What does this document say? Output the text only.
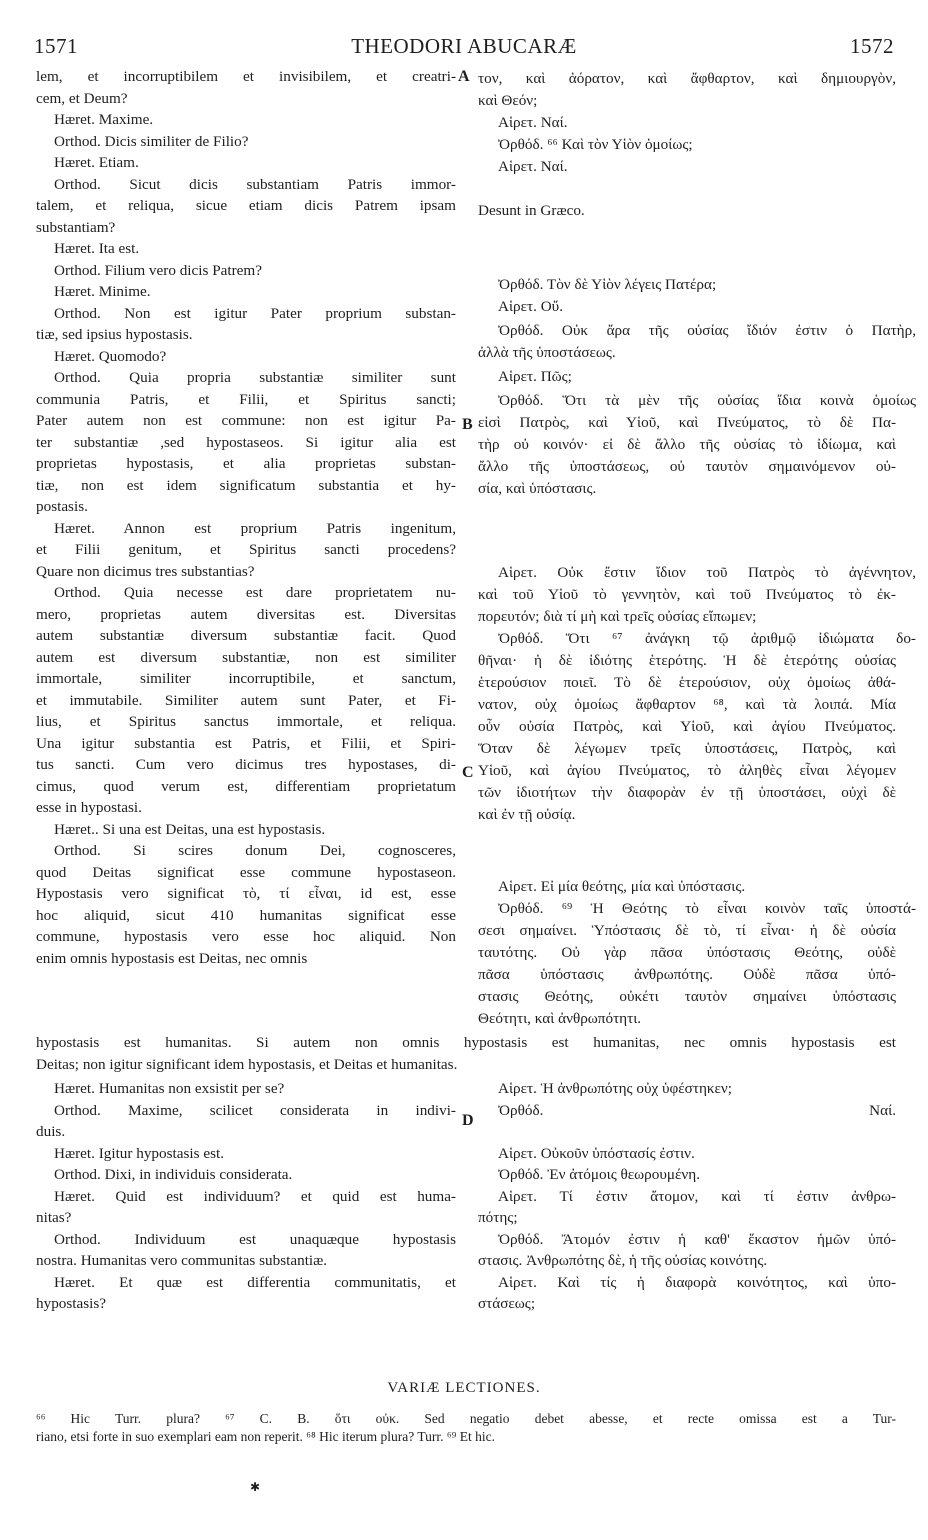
1571	THEODORI ABUCARÆ	1572
lem, et incorruptibilem et invisibilem, et creatri-
cem, et Deum?
Hæret. Maxime.
Orthod. Dicis similiter de Filio?
Hæret. Etiam.
Orthod. Sicut dicis substantiam Patris immor-
talem, et reliqua, sicue etiam dicis Patrem ipsam
substantiam?
Hæret. Ita est.
Orthod. Filium vero dicis Patrem?
Hæret. Minime.
Orthod. Non est igitur Pater proprium substan-
tiæ, sed ipsius hypostasis.
Hæret. Quomodo?
Orthod. Quia propria substantiæ similiter sunt
communia Patris, et Filii, et Spiritus sancti;
Pater autem non est commune: non est igitur Pa-
ter substantiæ ,sed hypostaseos. Si igitur alia est
proprietas hypostasis, et alia proprietas substan-
tiæ, non est idem significatum substantia et hy-
postasis.
Hæret. Annon est proprium Patris ingenitum,
et Filii genitum, et Spiritus sancti procedens?
Quare non dicimus tres substantias?
Orthod. Quia necesse est dare proprietatem nu-
mero, proprietas autem diversitas est. Diversitas
autem substantiæ diversum substantiæ facit. Quod
autem est diversum substantiæ, non est similiter
immortale, similiter incorruptibile, et sanctum,
et immutabile. Similiter autem sunt Pater, et Fi-
lius, et Spiritus sanctus immortale, et reliqua.
Una igitur substantia est Patris, et Filii, et Spiri-
tus sancti. Cum vero dicimus tres hypostases, di-
cimus, quod verum est, differentiam proprietatum
esse in hypostasi.
Hæret.. Si una est Deitas, una est hypostasis.
Orthod. Si scires donum Dei, cognosceres,
quod Deitas significat esse commune hypostaseon.
Hypostasis vero significat τὸ, τί εἶναι, id est, esse
hoc aliquid, sicut 410 humanitas significat esse
commune, hypostasis vero esse hoc aliquid. Non
enim omnis hypostasis est Deitas, nec omnis
τον, καὶ ἀόρατον, καὶ ἄφθαρτον, καὶ δημιουργὸν,
καὶ Θεόν;
Αἱρετ. Ναί.
Ὀρθόδ. ⁶⁶ Καὶ τὸν Υἱὸν ὁμοίως;
Αἱρετ. Ναί.
Desunt in Græco.
Ὀρθόδ. Τὸν δὲ Υἱὸν λέγεις Πατέρα;
Αἱρετ. Οὔ.
Ὀρθόδ. Οὐκ ἄρα τῆς οὐσίας ἴδιόν ἐστιν ὁ Πατὴρ,
ἀλλὰ τῆς ὑποστάσεως.
Αἱρετ. Πῶς;
Ὀρθόδ. Ὅτι τὰ μὲν τῆς οὐσίας ἴδια κοινὰ ὁμοίως
εἰσὶ Πατρὸς, καὶ Υἱοῦ, καὶ Πνεύματος, τὸ δὲ Πα-
τὴρ οὐ κοινόν· εἰ δὲ ἄλλο τῆς οὐσίας τὸ ἰδίωμα, καὶ
ἄλλο τῆς ὑποστάσεως, οὐ ταυτὸν σημαινόμενον οὐ-
σία, καὶ ὑπόστασις.
Αἱρετ. Οὐκ ἔστιν ἴδιον τοῦ Πατρὸς τὸ ἀγέννητον,
καὶ τοῦ Υἱοῦ τὸ γεννητὸν, καὶ τοῦ Πνεύματος τὸ ἐκ-
πορευτόν; διὰ τί μὴ καὶ τρεῖς οὐσίας εἴπωμεν;
Ὀρθόδ. Ὅτι ⁶⁷ ἀνάγκη τῷ ἀριθμῷ ἰδιώματα δο-
θῆναι· ἡ δὲ ἰδιότης ἑτερότης. Ἡ δὲ ἑτερότης οὐσίας
ἑτερούσιον ποιεῖ. Τὸ δὲ ἑτερούσιον, οὐχ ὁμοίως ἀθά-
νατον, οὐχ ὁμοίως ἄφθαρτον ⁶⁸, καὶ τὰ λοιπά. Μία
οὖν οὐσία Πατρὸς, καὶ Υἱοῦ, καὶ ἁγίου Πνεύματος.
Ὅταν δὲ λέγωμεν τρεῖς ὑποστάσεις, Πατρὸς, καὶ
Υἱοῦ, καὶ ἁγίου Πνεύματος, τὸ ἀληθὲς εἶναι λέγομεν
τῶν ἰδιοτήτων τὴν διαφορὰν ἐν τῇ ὑποστάσει, οὐχὶ δὲ
καὶ ἐν τῇ οὐσίᾳ.
Αἱρετ. Εἰ μία θεότης, μία καὶ ὑπόστασις.
Ὀρθόδ. ⁶⁹ Ἡ Θεότης τὸ εἶναι κοινὸν ταῖς ὑποστά-
σεσι σημαίνει. Ὑπόστασις δὲ τὸ, τί εἶναι· ἡ δὲ οὐσία
ταυτότης. Οὐ γὰρ πᾶσα ὑπόστασις Θεότης, οὐδὲ
πᾶσα ὑπόστασις ἀνθρωπότης. Οὐδὲ πᾶσα ὑπό-
στασις Θεότης, οὐκέτι ταυτὸν σημαίνει ὑπόστασις
Θεότητι, καὶ ἀνθρωπότητι.
A
B
C
D
hypostasis est humanitas. Si autem non omnis hypostasis est humanitas, nec omnis hypostasis est
Deitas; non igitur significant idem hypostasis, et Deitas et humanitas.
Hæret. Humanitas non exsistit per se?
Orthod. Maxime, scilicet considerata in indivi-
duis.
Hæret. Igitur hypostasis est.
Orthod. Dixi, in individuis considerata.
Hæret. Quid est individuum? et quid est huma-
nitas?
Orthod. Individuum est unaquæque hypostasis
nostra. Humanitas vero communitas substantiæ.
Hæret. Et quæ est differentia communitatis, et
hypostasis?
Αἱρετ. Ἡ ἀνθρωπότης οὐχ ὑφέστηκεν;
Ὀρθόδ. Ναί.
Αἱρετ. Οὐκοῦν ὑπόστασίς ἐστιν.
Ὀρθόδ. Ἐν ἀτόμοις θεωρουμένη.
Αἱρετ. Τί ἐστιν ἄτομον, καὶ τί ἐστιν ἀνθρω-
πότης;
Ὀρθόδ. Ἄτομόν ἐστιν ἡ καθ' ἕκαστον ἡμῶν ὑπό-
στασις. Ἀνθρωπότης δὲ, ἡ τῆς οὐσίας κοινότης.
Αἱρετ. Καὶ τίς ἡ διαφορὰ κοινότητος, καὶ ὑπο-
στάσεως;
VARIÆ LECTIONES.
⁶⁶ Hic Turr. plura? ⁶⁷ C. B. ὅτι οὐκ. Sed negatio debet abesse, et recte omissa est a Tur-
riano, etsi forte in suo exemplari eam non reperit. ⁶⁸ Hic iterum plura? Turr. ⁶⁹ Et hic.
✱
